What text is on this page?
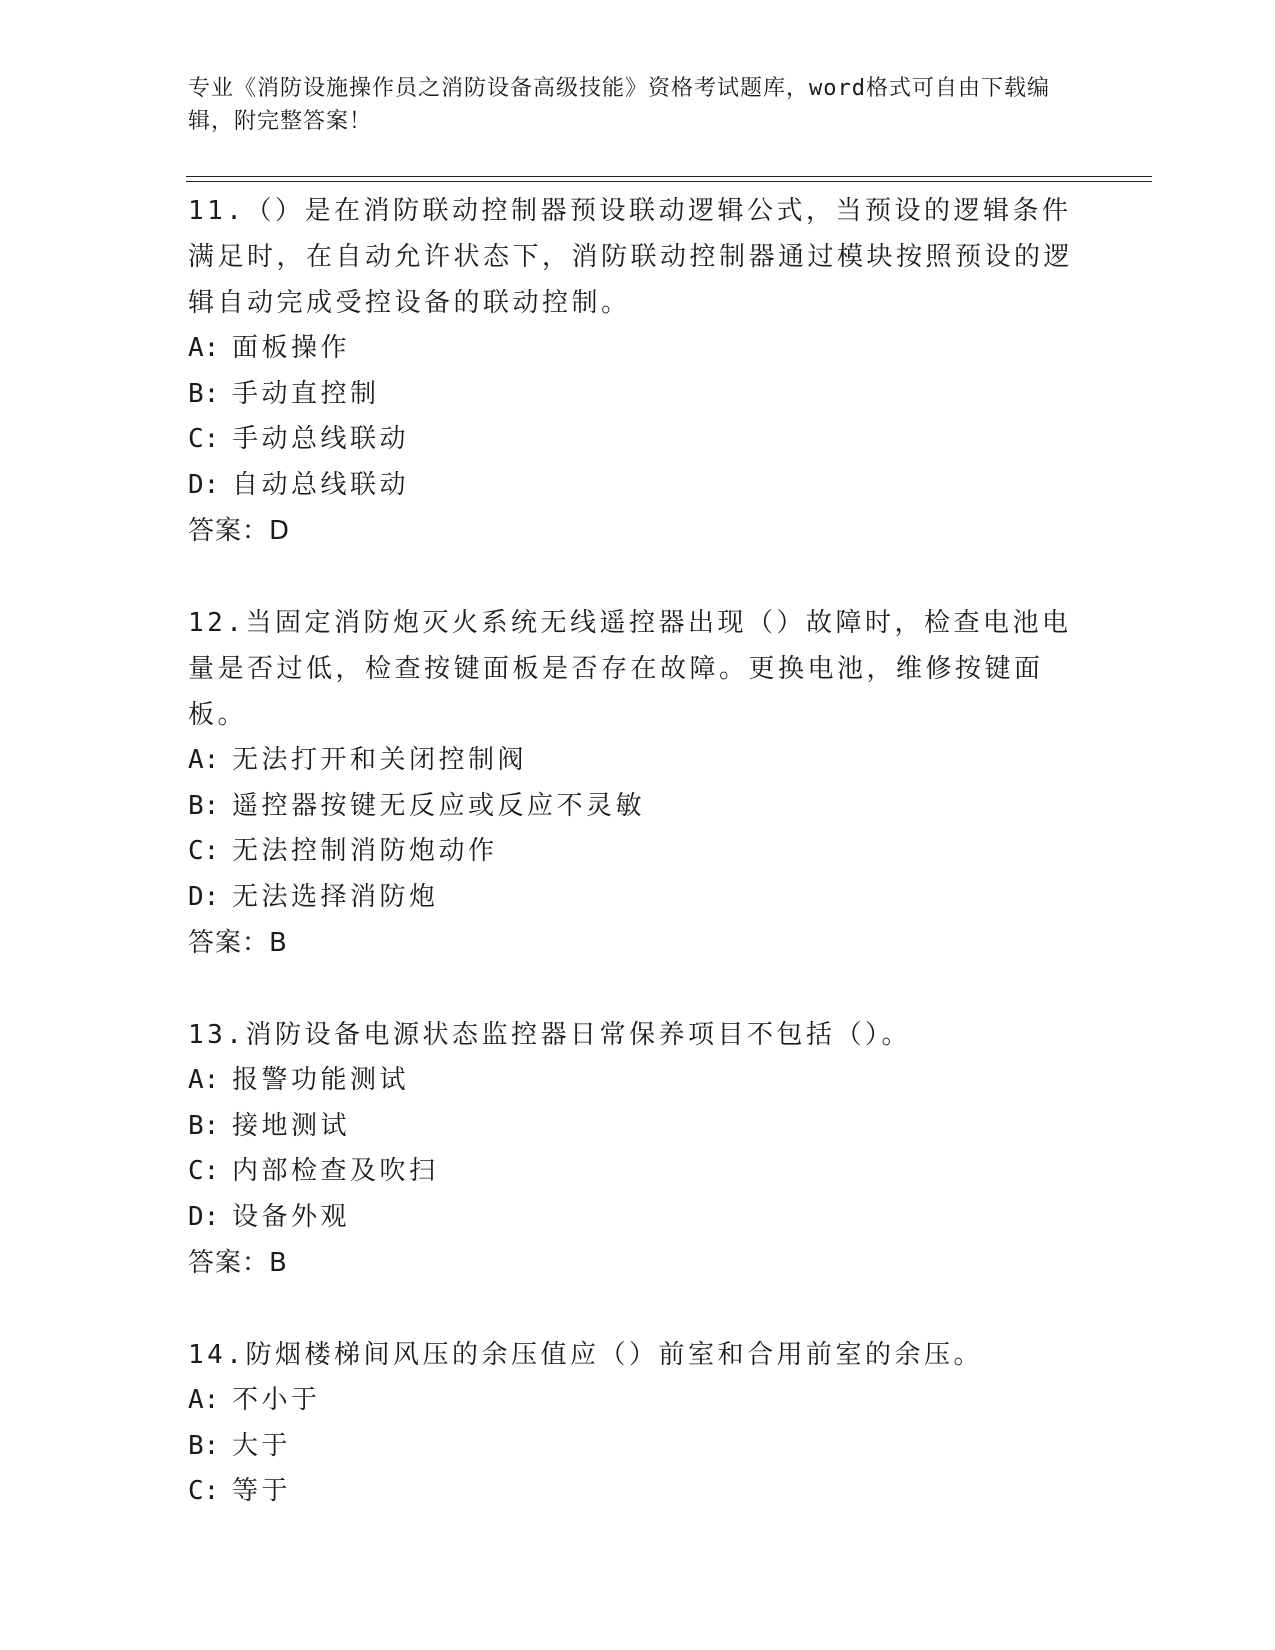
专业《消防设施操作员之消防设备高级技能》资格考试题库，word格式可自由下载编辑，附完整答案！

11.（）是在消防联动控制器预设联动逻辑公式，当预设的逻辑条件满足时，在自动允许状态下，消防联动控制器通过模块按照预设的逻辑自动完成受控设备的联动控制。

A: 面板操作

B: 手动直控制

C: 手动总线联动

D: 自动总线联动

答案：D

12.当固定消防炮灭火系统无线遥控器出现（）故障时，检查电池电量是否过低，检查按键面板是否存在故障。更换电池，维修按键面板。

A: 无法打开和关闭控制阀

B: 遥控器按键无反应或反应不灵敏

C: 无法控制消防炮动作

D: 无法选择消防炮

答案：B

13.消防设备电源状态监控器日常保养项目不包括（）。

A: 报警功能测试

B: 接地测试

C: 内部检查及吹扫

D: 设备外观

答案：B

14.防烟楼梯间风压的余压值应（）前室和合用前室的余压。

A: 不小于

B: 大于

C: 等于
